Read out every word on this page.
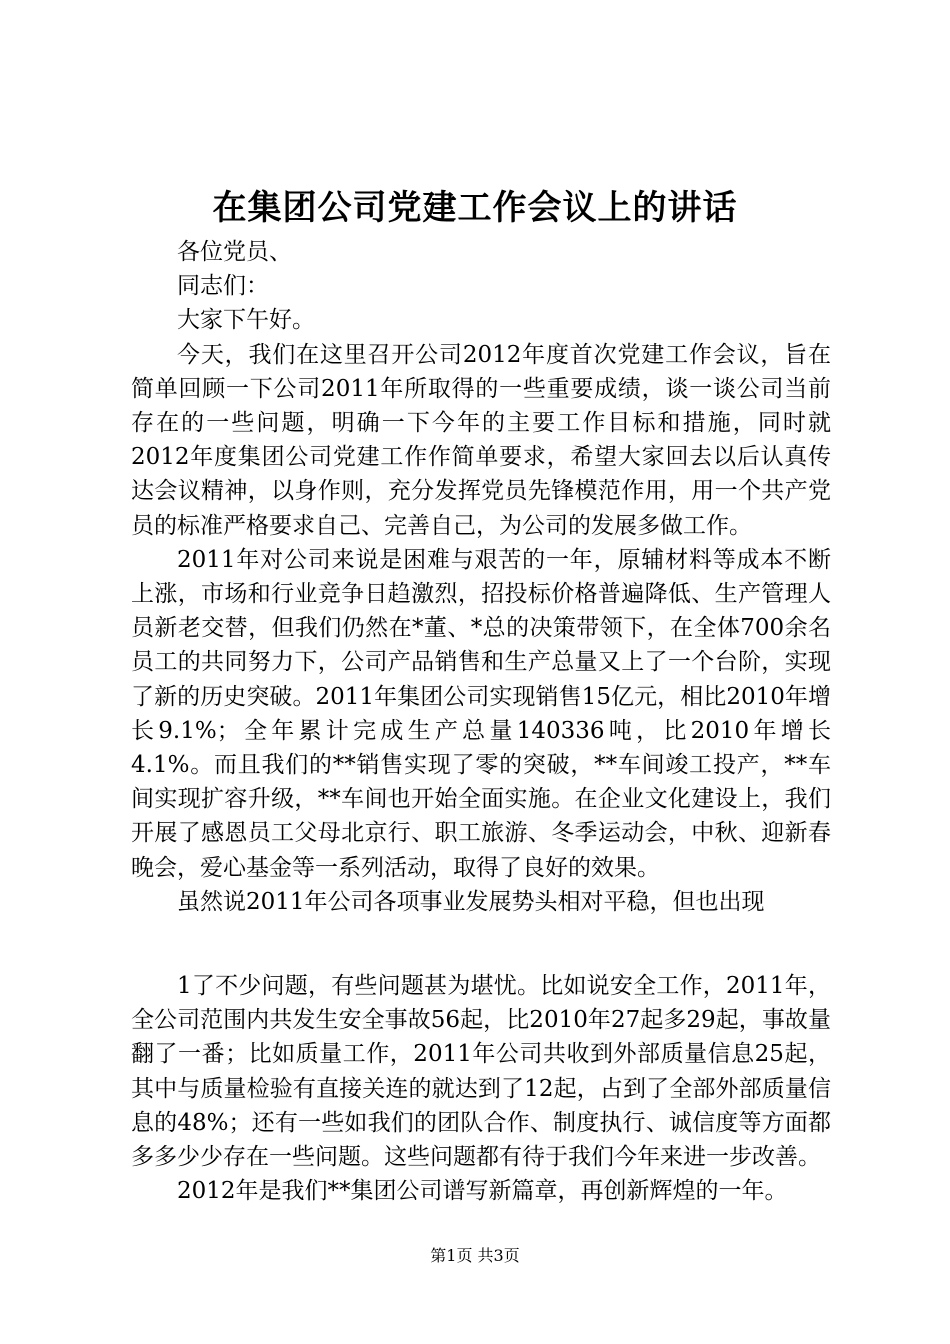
在集团公司党建工作会议上的讲话

各位党员、

同志们：

大家下午好。

今天，我们在这里召开公司2012年度首次党建工作会议，旨在简单回顾一下公司2011年所取得的一些重要成绩，谈一谈公司当前存在的一些问题，明确一下今年的主要工作目标和措施，同时就2012年度集团公司党建工作作简单要求，希望大家回去以后认真传达会议精神，以身作则，充分发挥党员先锋模范作用，用一个共产党员的标准严格要求自己、完善自己，为公司的发展多做工作。

2011年对公司来说是困难与艰苦的一年，原辅材料等成本不断上涨，市场和行业竞争日趋激烈，招投标价格普遍降低、生产管理人员新老交替，但我们仍然在*董、*总的决策带领下，在全体700余名员工的共同努力下，公司产品销售和生产总量又上了一个台阶，实现了新的历史突破。2011年集团公司实现销售15亿元，相比2010年增长9.1%；全年累计完成生产总量140336吨，比2010年增长4.1%。而且我们的**销售实现了零的突破，**车间竣工投产，**车间实现扩容升级，**车间也开始全面实施。在企业文化建设上，我们开展了感恩员工父母北京行、职工旅游、冬季运动会，中秋、迎新春晚会，爱心基金等一系列活动，取得了良好的效果。

虽然说2011年公司各项事业发展势头相对平稳，但也出现

1了不少问题，有些问题甚为堪忧。比如说安全工作，2011年，全公司范围内共发生安全事故56起，比2010年27起多29起，事故量翻了一番；比如质量工作，2011年公司共收到外部质量信息25起，其中与质量检验有直接关连的就达到了12起，占到了全部外部质量信息的48%；还有一些如我们的团队合作、制度执行、诚信度等方面都多多少少存在一些问题。这些问题都有待于我们今年来进一步改善。

2012年是我们**集团公司谱写新篇章，再创新辉煌的一年。

第1页 共3页
